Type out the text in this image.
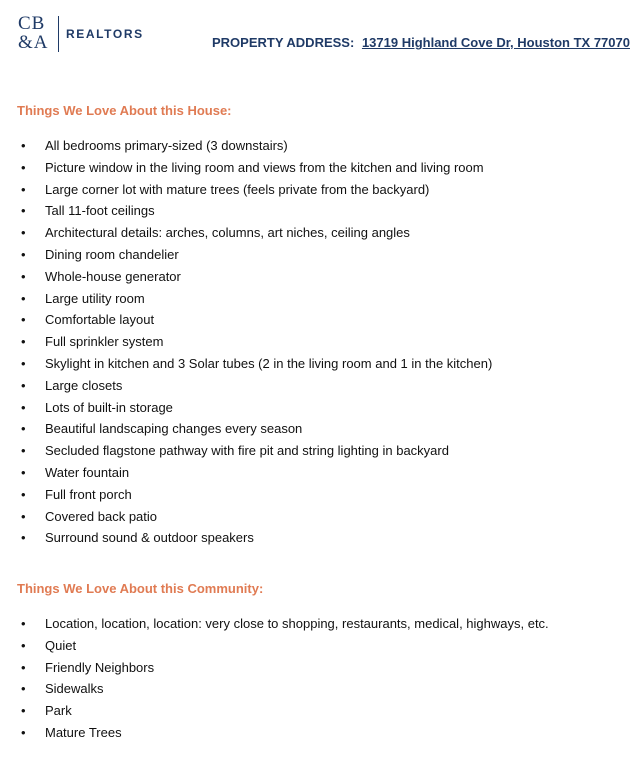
CB
&A	REALTORS
PROPERTY ADDRESS: 13719 Highland Cove Dr, Houston TX 77070
Things We Love About this House:
• All bedrooms primary-sized (3 downstairs)
• Picture window in the living room and views from the kitchen and living room
• Large corner lot with mature trees (feels private from the backyard)
• Tall 11-foot ceilings
• Architectural details: arches, columns, art niches, ceiling angles
• Dining room chandelier
• Whole-house generator
• Large utility room
• Comfortable layout
• Full sprinkler system
• Skylight in kitchen and 3 Solar tubes (2 in the living room and 1 in the kitchen)
• Large closets
• Lots of built-in storage
• Beautiful landscaping changes every season
• Secluded flagstone pathway with fire pit and string lighting in backyard
• Water fountain
• Full front porch
• Covered back patio
• Surround sound & outdoor speakers
Things We Love About this Community:
• Location, location, location: very close to shopping, restaurants, medical, highways, etc.
• Quiet
• Friendly Neighbors
• Sidewalks
• Park
• Mature Trees
